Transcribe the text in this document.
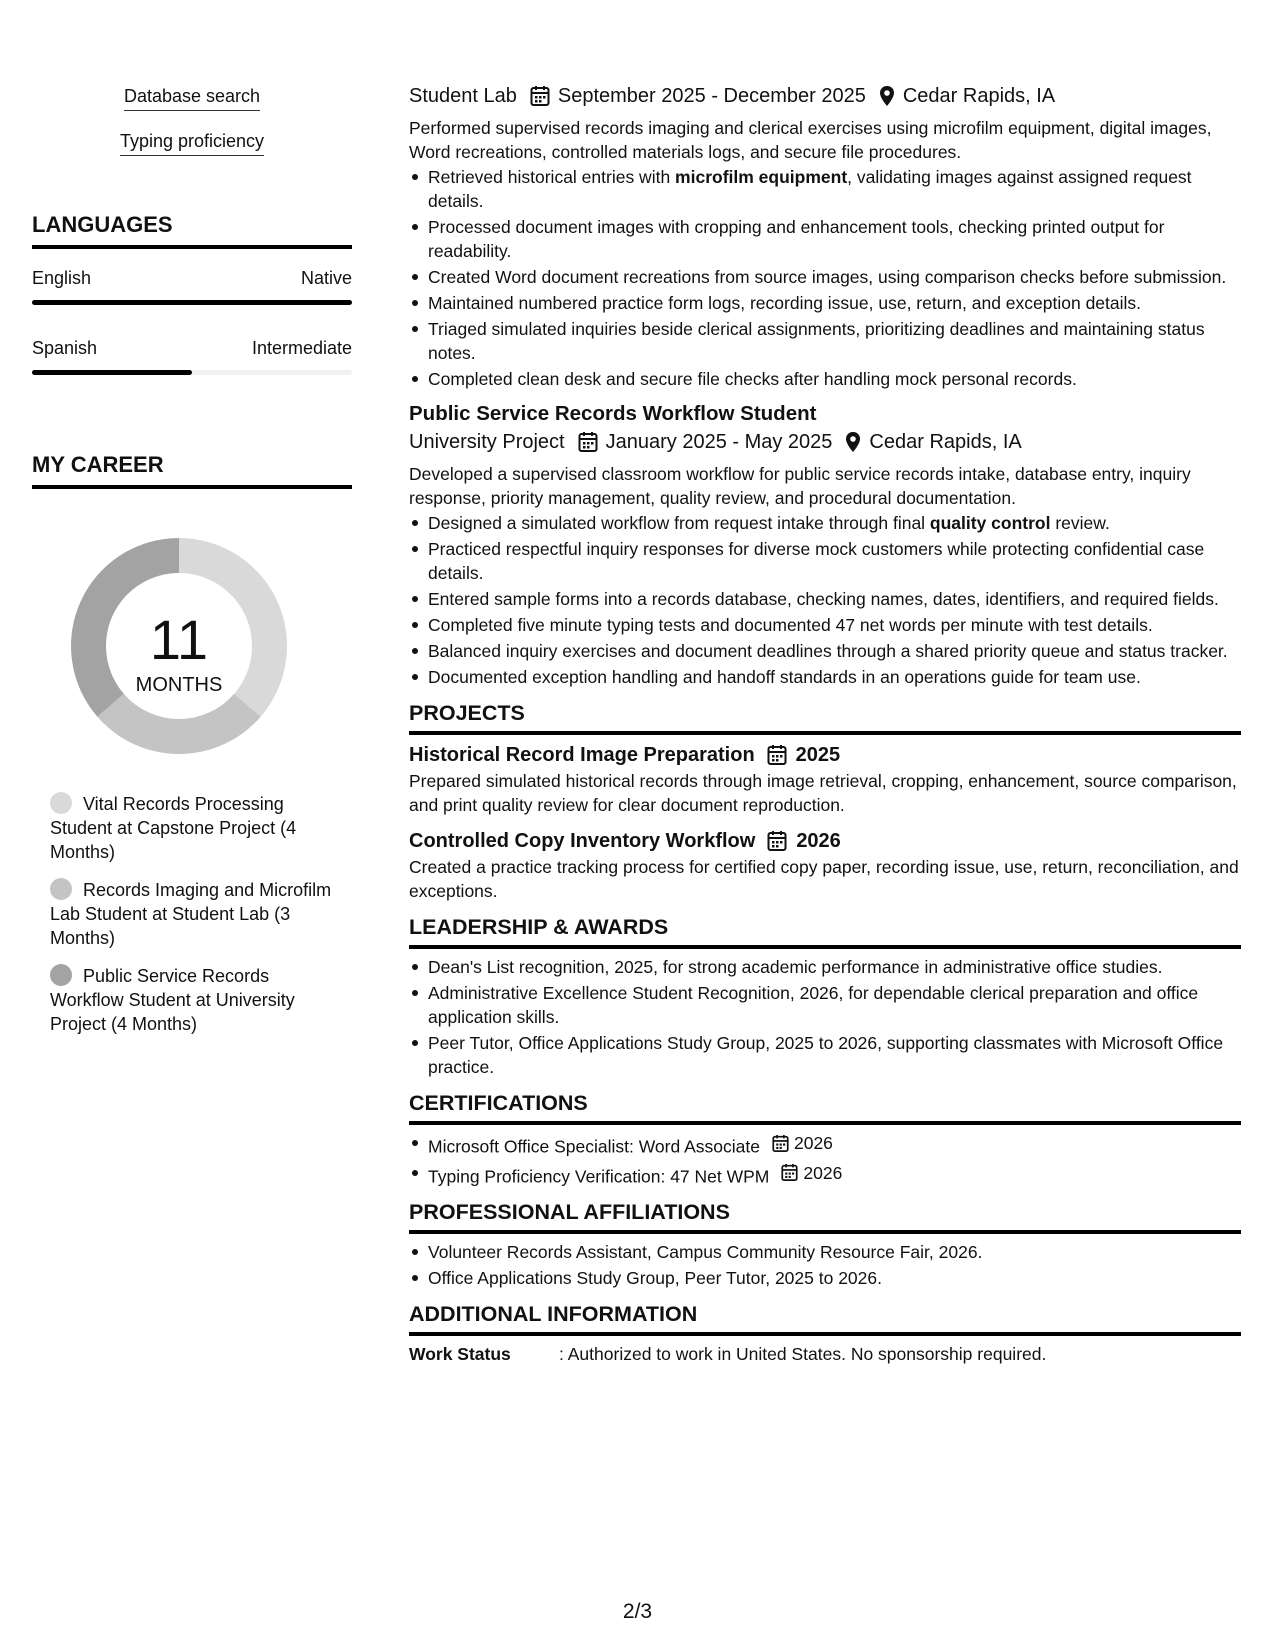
Database search
Typing proficiency
LANGUAGES
English	Native
Spanish	Intermediate
MY CAREER
11
MONTHS
Vital Records Processing Student at Capstone Project (4 Months)
Records Imaging and Microfilm Lab Student at Student Lab (3 Months)
Public Service Records Workflow Student at University Project (4 Months)
Student Lab September 2025 - December 2025 Cedar Rapids, IA
Performed supervised records imaging and clerical exercises using microfilm equipment, digital images, Word recreations, controlled materials logs, and secure file procedures.
Retrieved historical entries with microfilm equipment, validating images against assigned request details.
Processed document images with cropping and enhancement tools, checking printed output for readability.
Created Word document recreations from source images, using comparison checks before submission.
Maintained numbered practice form logs, recording issue, use, return, and exception details.
Triaged simulated inquiries beside clerical assignments, prioritizing deadlines and maintaining status notes.
Completed clean desk and secure file checks after handling mock personal records.
Public Service Records Workflow Student
University Project January 2025 - May 2025 Cedar Rapids, IA
Developed a supervised classroom workflow for public service records intake, database entry, inquiry response, priority management, quality review, and procedural documentation.
Designed a simulated workflow from request intake through final quality control review.
Practiced respectful inquiry responses for diverse mock customers while protecting confidential case details.
Entered sample forms into a records database, checking names, dates, identifiers, and required fields.
Completed five minute typing tests and documented 47 net words per minute with test details.
Balanced inquiry exercises and document deadlines through a shared priority queue and status tracker.
Documented exception handling and handoff standards in an operations guide for team use.
PROJECTS
Historical Record Image Preparation 2025
Prepared simulated historical records through image retrieval, cropping, enhancement, source comparison, and print quality review for clear document reproduction.
Controlled Copy Inventory Workflow 2026
Created a practice tracking process for certified copy paper, recording issue, use, return, reconciliation, and exceptions.
LEADERSHIP & AWARDS
Dean's List recognition, 2025, for strong academic performance in administrative office studies.
Administrative Excellence Student Recognition, 2026, for dependable clerical preparation and office application skills.
Peer Tutor, Office Applications Study Group, 2025 to 2026, supporting classmates with Microsoft Office practice.
CERTIFICATIONS
Microsoft Office Specialist: Word Associate 2026
Typing Proficiency Verification: 47 Net WPM 2026
PROFESSIONAL AFFILIATIONS
Volunteer Records Assistant, Campus Community Resource Fair, 2026.
Office Applications Study Group, Peer Tutor, 2025 to 2026.
ADDITIONAL INFORMATION
Work Status	: Authorized to work in United States. No sponsorship required.
2/3
